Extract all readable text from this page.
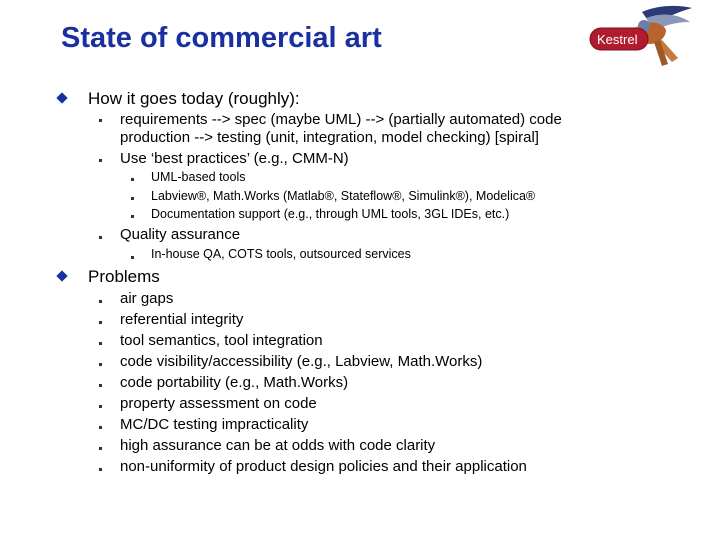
State of commercial art	Kestrel
How it goes today (roughly):
requirements --> spec (maybe UML) --> (partially automated) code
production --> testing (unit, integration, model checking) [spiral]
Use ‘best practices’ (e.g., CMM-N)
UML-based tools
Labview®, Math.Works (Matlab®, Stateflow®, Simulink®), Modelica®
Documentation support (e.g., through UML tools, 3GL IDEs, etc.)
Quality assurance
In-house QA, COTS tools, outsourced services
Problems
air gaps
referential integrity
tool semantics, tool integration
code visibility/accessibility (e.g., Labview, Math.Works)
code portability (e.g., Math.Works)
property assessment on code
MC/DC testing impracticality
high assurance can be at odds with code clarity
non-uniformity of product design policies and their application
